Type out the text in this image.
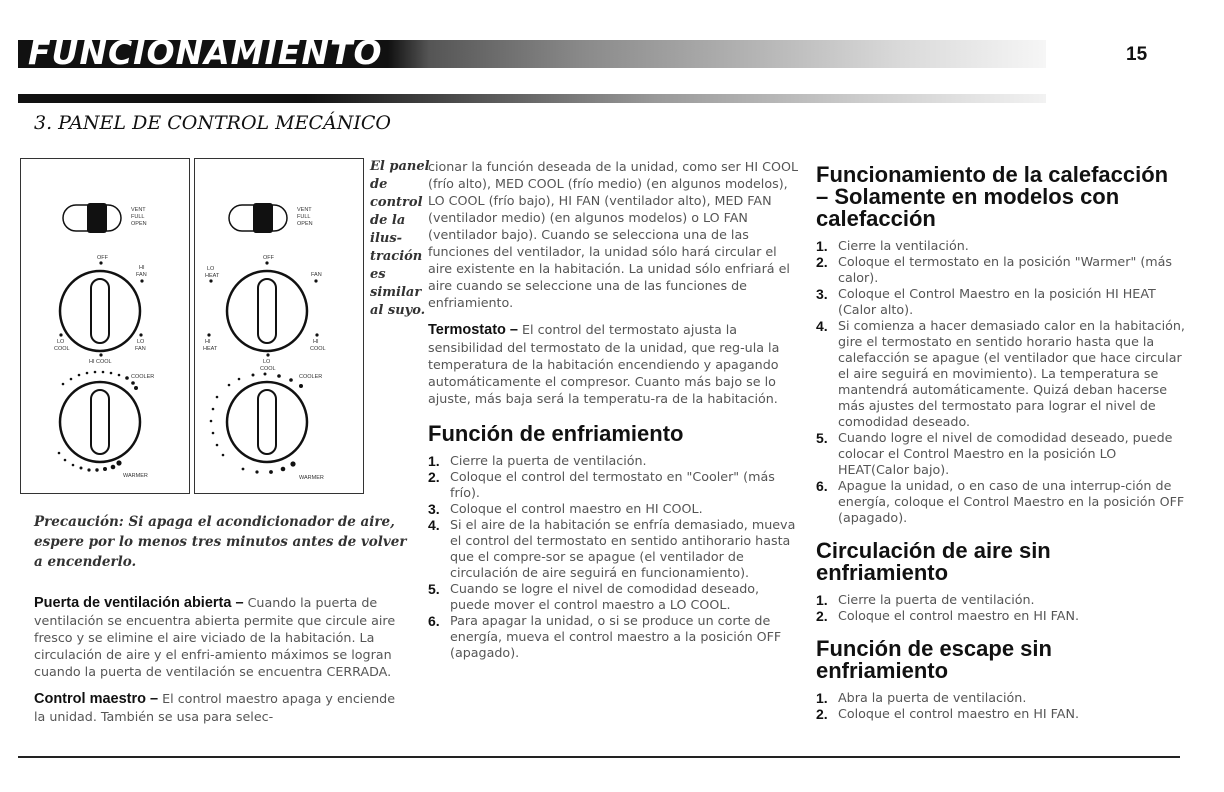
FUNCIONAMIENTO	15
3. PANEL DE CONTROL MECÁNICO
VENT
FULL
OPEN
OFF
HI
FAN
LO
COOL
LO
FAN
HI COOL
COOLER
WARMER
VENT
FULL
OPEN
OFF
LO
HEAT	FAN
HI
HEAT
HI
COOL
LO
COOL
COOLER
WARMER
El panel de control de la ilus-tración es similar al suyo.
Precaución: Si apaga el acondicionador de aire, espere por lo menos tres minutos antes de volver a encenderlo.

Puerta de ventilación abierta – Cuando la puerta de ventilación se encuentra abierta permite que circule aire fresco y se elimine el aire viciado de la habitación. La circulación de aire y el enfri-amiento máximos se logran cuando la puerta de ventilación se encuentra CERRADA.

Control maestro – El control maestro apaga y enciende la unidad. También se usa para selec-

cionar la función deseada de la unidad, como ser HI COOL (frío alto), MED COOL (frío medio) (en algunos modelos), LO COOL (frío bajo), HI FAN (ventilador alto), MED FAN (ventilador medio) (en algunos modelos) o LO FAN (ventilador bajo). Cuando se selecciona una de las funciones del ventilador, la unidad sólo hará circular el aire existente en la habitación. La unidad sólo enfriará el aire cuando se seleccione una de las funciones de enfriamiento.

Termostato – El control del termostato ajusta la sensibilidad del termostato de la unidad, que reg-ula la temperatura de la habitación encendiendo y apagando automáticamente el compresor. Cuanto más bajo se lo ajuste, más baja será la temperatu-ra de la habitación.

Función de enfriamiento
1. Cierre la puerta de ventilación.
2. Coloque el control del termostato en "Cooler" (más frío).
3. Coloque el control maestro en HI COOL.
4. Si el aire de la habitación se enfría demasiado, mueva el control del termostato en sentido antihorario hasta que el compre-sor se apague (el ventilador de circulación de aire seguirá en funcionamiento).
5. Cuando se logre el nivel de comodidad deseado, puede mover el control maestro a LO COOL.
6. Para apagar la unidad, o si se produce un corte de energía, mueva el control maestro a la posición OFF (apagado).
Funcionamiento de la calefacción – Solamente en modelos con calefacción
1. Cierre la ventilación.
2. Coloque el termostato en la posición "Warmer" (más calor).
3. Coloque el Control Maestro en la posición HI HEAT (Calor alto).
4. Si comienza a hacer demasiado calor en la habitación, gire el termostato en sentido horario hasta que la calefacción se apague (el ventilador que hace circular el aire seguirá en movimiento). La temperatura se mantendrá automáticamente. Quizá deban hacerse más ajustes del termostato para lograr el nivel de comodidad deseado.
5. Cuando logre el nivel de comodidad deseado, puede colocar el Control Maestro en la posición LO HEAT(Calor bajo).
6. Apague la unidad, o en caso de una interrup-ción de energía, coloque el Control Maestro en la posición OFF (apagado).
Circulación de aire sin enfriamiento
1. Cierre la puerta de ventilación.
2. Coloque el control maestro en HI FAN.
Función de escape sin enfriamiento
1. Abra la puerta de ventilación.
2. Coloque el control maestro en HI FAN.
